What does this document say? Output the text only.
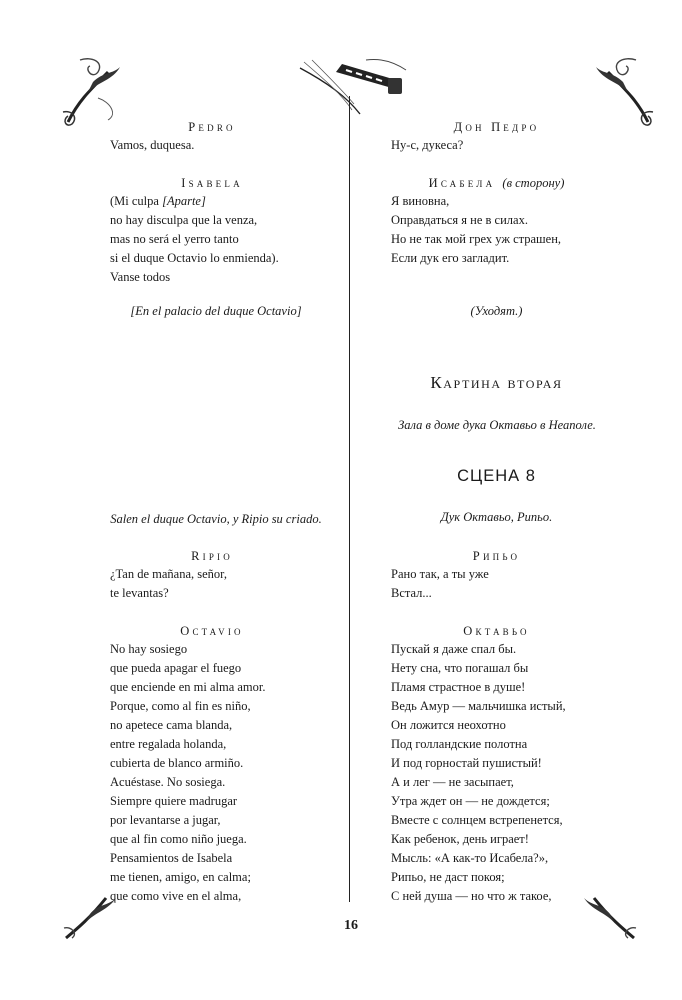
Pedro
Vamos, duquesa.
Isabela
(Mi culpa [Aparte]
no hay disculpa que la venza,
mas no será el yerro tanto
si el duque Octavio lo enmienda).
Vanse todos
[En el palacio del duque Octavio]
Salen el duque Octavio, y Ripio su criado.
Ripio
¿Tan de mañana, señor,
te levantas?
Octavio
No hay sosiego
que pueda apagar el fuego
que enciende en mi alma amor.
Porque, como al fin es niño,
no apetece cama blanda,
entre regalada holanda,
cubierta de blanco armiño.
Acuéstase. No sosiega.
Siempre quiere madrugar
por levantarse a jugar,
que al fin como niño juega.
Pensamientos de Isabela
me tienen, amigo, en calma;
que como vive en el alma,
Дон Педро
Ну-с, дукеса?
Исабела (в сторону)
Я виновна,
Оправдаться я не в силах.
Но не так мой грех уж страшен,
Если дук его загладит.
(Уходят.)
Картина вторая
Зала в доме дука Октавьо в Неаполе.
СЦЕНА 8
Дук Октавьо, Рипьо.
Рипьо
Рано так, а ты уже
Встал...
Октавьо
Пускай я даже спал бы.
Нету сна, что погашал бы
Пламя страстное в душе!
Ведь Амур — мальчишка истый,
Он ложится неохотно
Под голландские полотна
И под горностай пушистый!
А и лег — не засыпает,
Утра ждет он — не дождется;
Вместе с солнцем встрепенется,
Как ребенок, день играет!
Мысль: «А как-то Исабела?»,
Рипьо, не даст покоя;
С ней душа — но что ж такое,
16
